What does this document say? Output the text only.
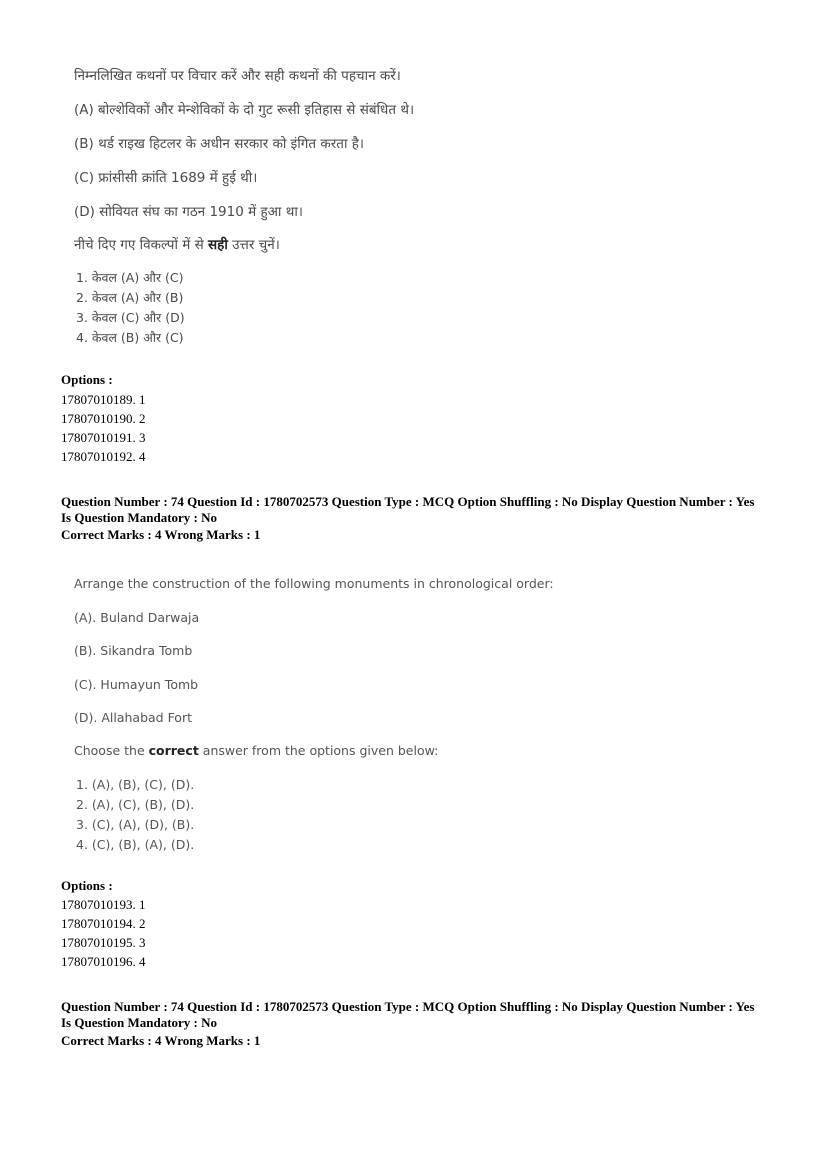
निम्नलिखित कथनों पर विचार करें और सही कथनों की पहचान करें।
(A) बोल्शेविकों और मेन्शेविकों के दो गुट रूसी इतिहास से संबंधित थे।
(B) थर्ड राइख हिटलर के अधीन सरकार को इंगित करता है।
(C) फ्रांसीसी क्रांति 1689 में हुई थी।
(D) सोवियत संघ का गठन 1910 में हुआ था।
नीचे दिए गए विकल्पों में से सही उत्तर चुनें।
1. केवल (A) और (C)
2. केवल (A) और (B)
3. केवल (C) और (D)
4. केवल (B) और (C)
Options :
17807010189. 1
17807010190. 2
17807010191. 3
17807010192. 4
Question Number : 74 Question Id : 1780702573 Question Type : MCQ Option Shuffling : No Display Question Number : Yes
Is Question Mandatory : No
Correct Marks : 4 Wrong Marks : 1
Arrange the construction of the following monuments in chronological order:
(A). Buland Darwaja
(B). Sikandra Tomb
(C). Humayun Tomb
(D). Allahabad Fort
Choose the correct answer from the options given below:
1. (A), (B), (C), (D).
2. (A), (C), (B), (D).
3. (C), (A), (D), (B).
4. (C), (B), (A), (D).
Options :
17807010193. 1
17807010194. 2
17807010195. 3
17807010196. 4
Question Number : 74 Question Id : 1780702573 Question Type : MCQ Option Shuffling : No Display Question Number : Yes
Is Question Mandatory : No
Correct Marks : 4 Wrong Marks : 1
